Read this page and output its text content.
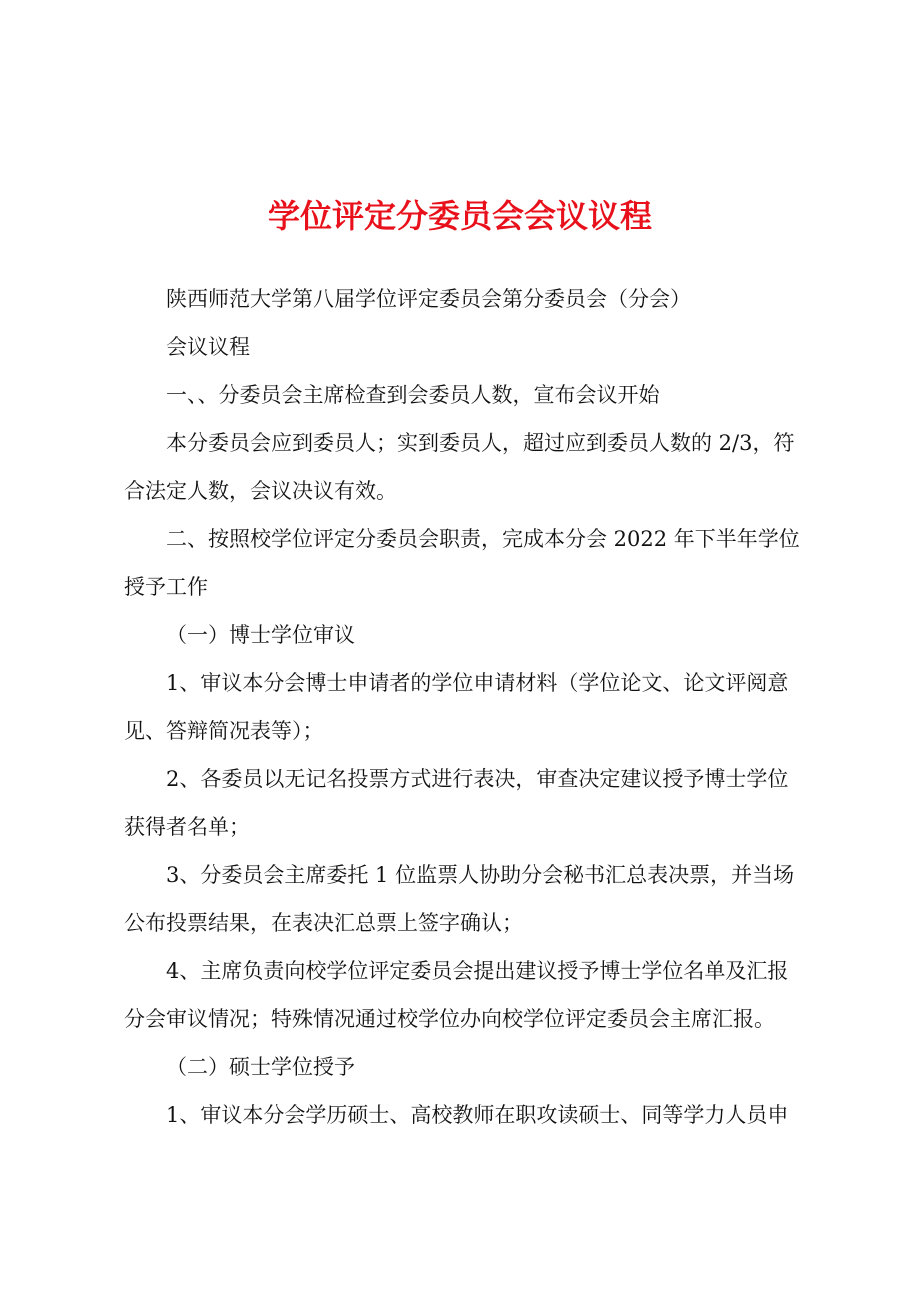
学位评定分委员会会议议程
陕西师范大学第八届学位评定委员会第分委员会（分会）
会议议程
一、、分委员会主席检查到会委员人数，宣布会议开始
本分委员会应到委员人；实到委员人，超过应到委员人数的 2/3，符
合法定人数，会议决议有效。
二、按照校学位评定分委员会职责，完成本分会 2022 年下半年学位
授予工作
（一）博士学位审议
1、审议本分会博士申请者的学位申请材料（学位论文、论文评阅意
见、答辩简况表等）；
2、各委员以无记名投票方式进行表决，审查决定建议授予博士学位
获得者名单；
3、分委员会主席委托 1 位监票人协助分会秘书汇总表决票，并当场
公布投票结果，在表决汇总票上签字确认；
4、主席负责向校学位评定委员会提出建议授予博士学位名单及汇报
分会审议情况；特殊情况通过校学位办向校学位评定委员会主席汇报。
（二）硕士学位授予
1、审议本分会学历硕士、高校教师在职攻读硕士、同等学力人员申
